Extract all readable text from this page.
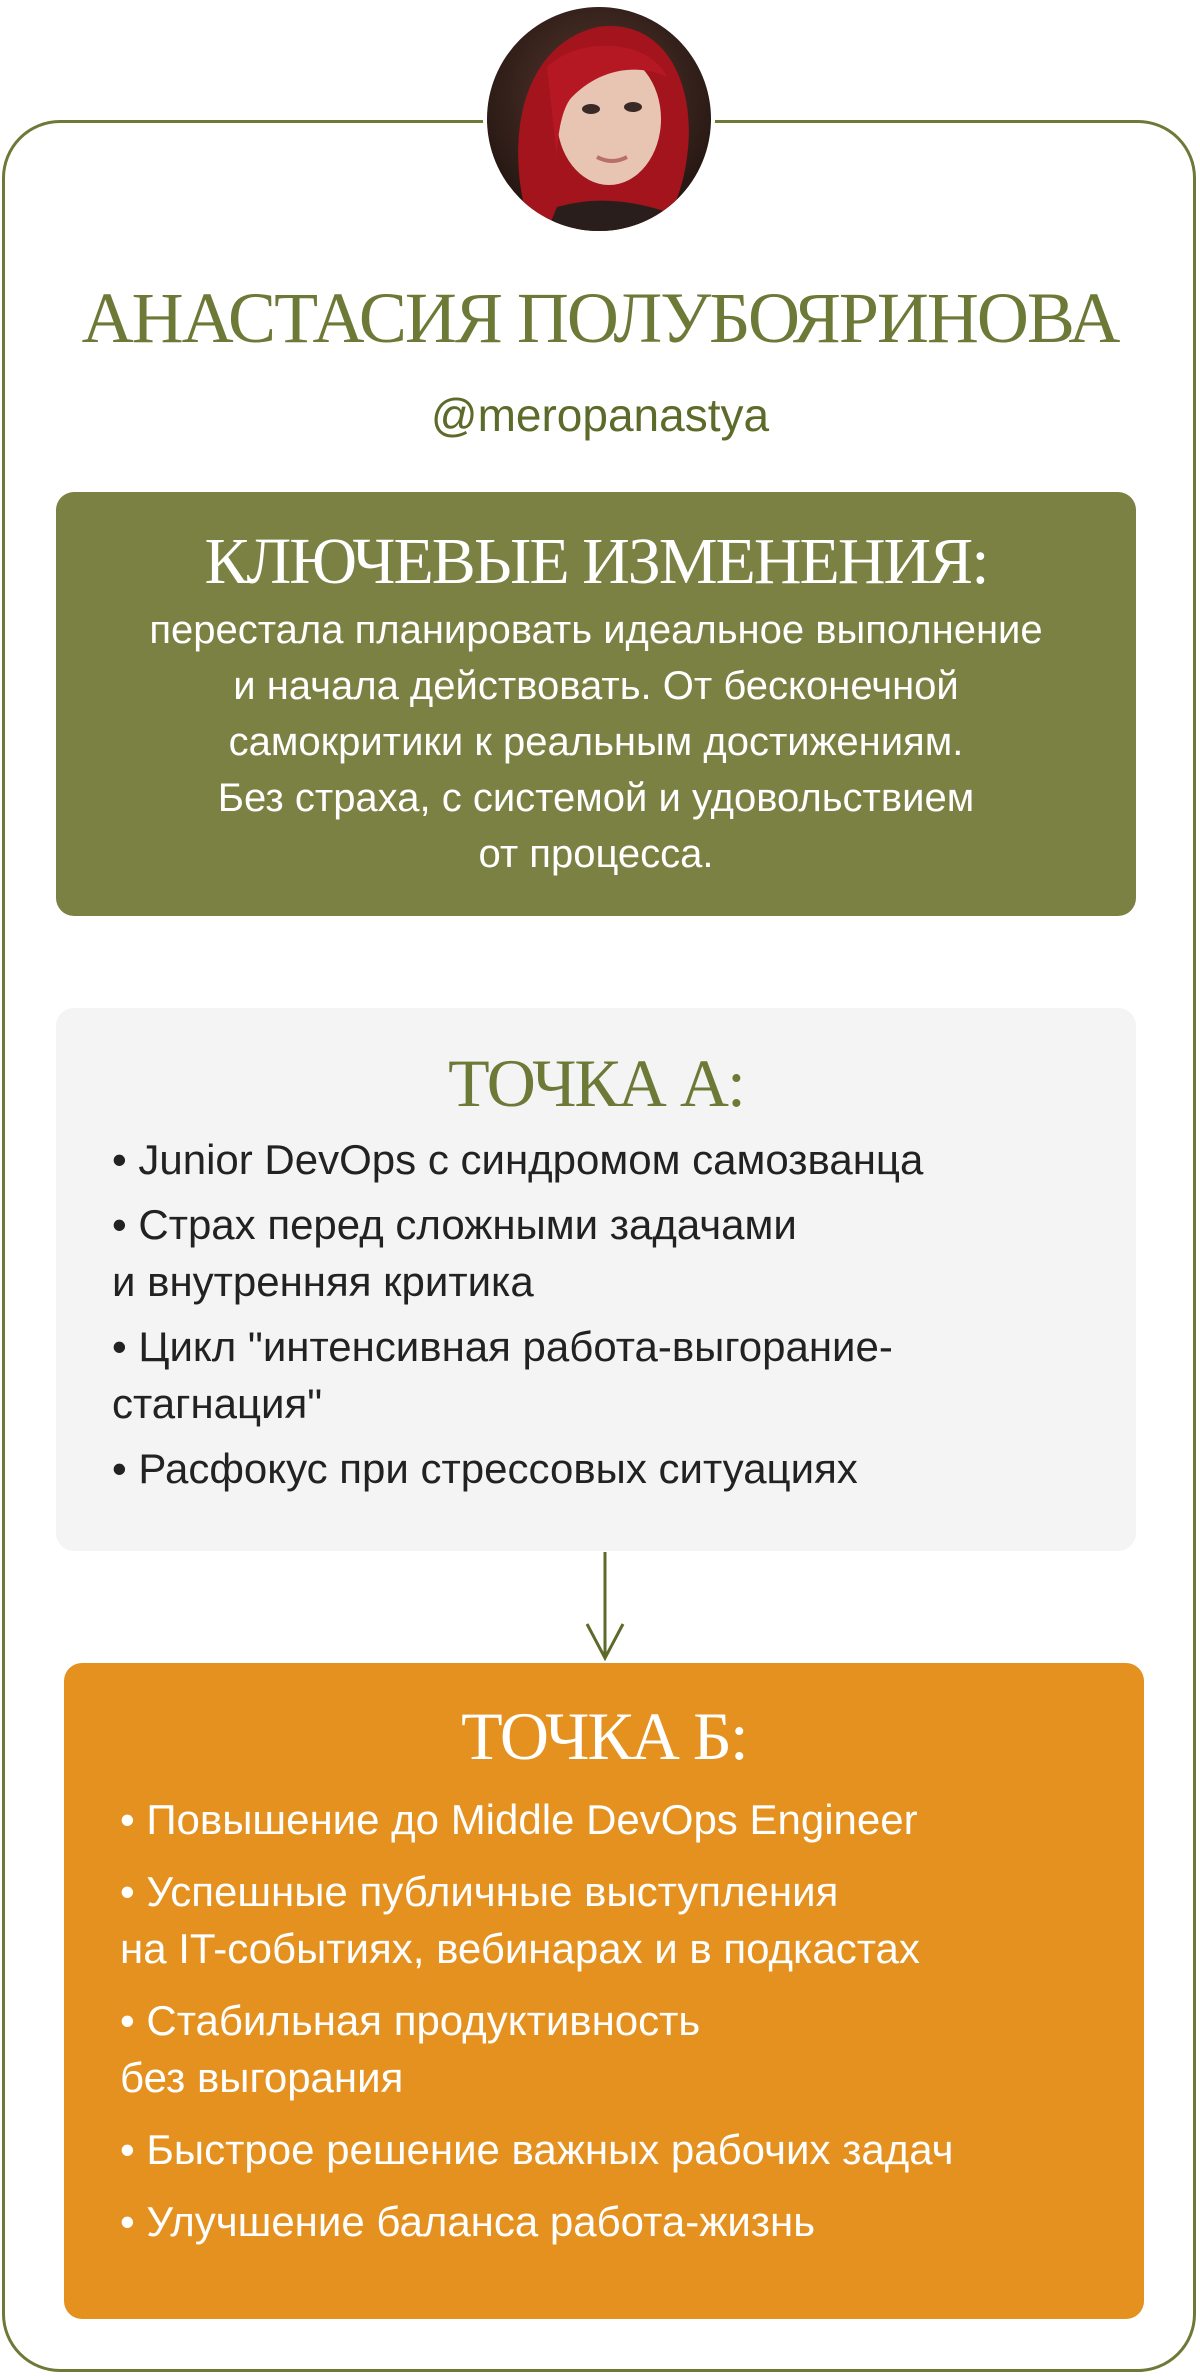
АНАСТАСИЯ ПОЛУБОЯРИНОВА
@meropanastya
КЛЮЧЕВЫЕ ИЗМЕНЕНИЯ:
перестала планировать идеальное выполнение
и начала действовать. От бесконечной
самокритики к реальным достижениям.
Без страха, с системой и удовольствием
от процесса.
ТОЧКА А:
• Junior DevOps с синдромом самозванца
• Страх перед сложными задачами
и внутренняя критика
• Цикл "интенсивная работа-выгорание-
стагнация"
• Расфокус при стрессовых ситуациях
ТОЧКА Б:
• Повышение до Middle DevOps Engineer
• Успешные публичные выступления
на IT-событиях, вебинарах и в подкастах
• Стабильная продуктивность
без выгорания
• Быстрое решение важных рабочих задач
• Улучшение баланса работа-жизнь
